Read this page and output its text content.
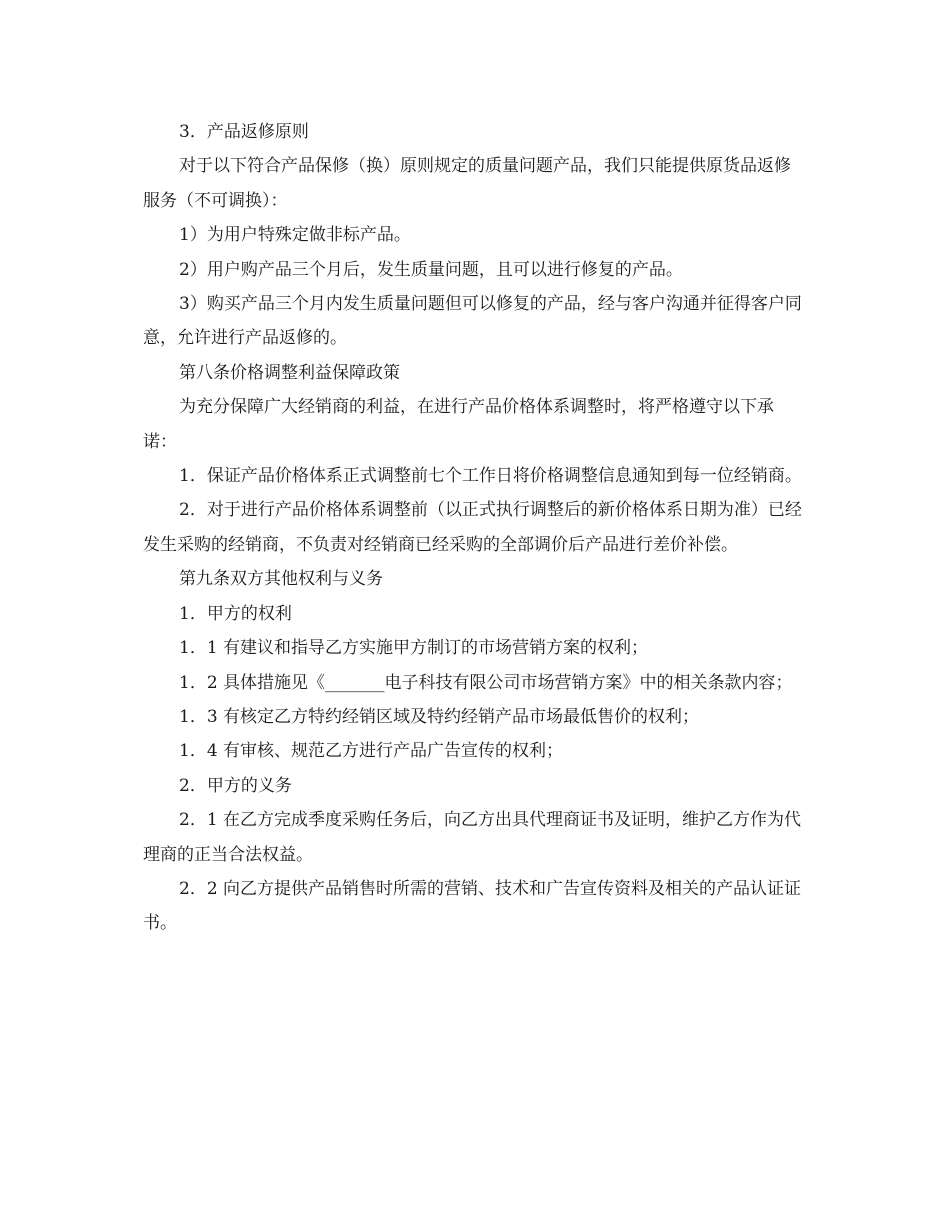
3．产品返修原则

对于以下符合产品保修（换）原则规定的质量问题产品，我们只能提供原货品返修服务（不可调换）：

1）为用户特殊定做非标产品。

2）用户购产品三个月后，发生质量问题，且可以进行修复的产品。

3）购买产品三个月内发生质量问题但可以修复的产品，经与客户沟通并征得客户同意，允许进行产品返修的。

第八条价格调整利益保障政策

为充分保障广大经销商的利益，在进行产品价格体系调整时，将严格遵守以下承诺：

1．保证产品价格体系正式调整前七个工作日将价格调整信息通知到每一位经销商。

2．对于进行产品价格体系调整前（以正式执行调整后的新价格体系日期为准）已经发生采购的经销商，不负责对经销商已经采购的全部调价后产品进行差价补偿。

第九条双方其他权利与义务

1．甲方的权利

1．1 有建议和指导乙方实施甲方制订的市场营销方案的权利；

1．2 具体措施见《_______电子科技有限公司市场营销方案》中的相关条款内容；

1．3 有核定乙方特约经销区域及特约经销产品市场最低售价的权利；

1．4 有审核、规范乙方进行产品广告宣传的权利；

2．甲方的义务

2．1 在乙方完成季度采购任务后，向乙方出具代理商证书及证明，维护乙方作为代理商的正当合法权益。

2．2 向乙方提供产品销售时所需的营销、技术和广告宣传资料及相关的产品认证证书。
